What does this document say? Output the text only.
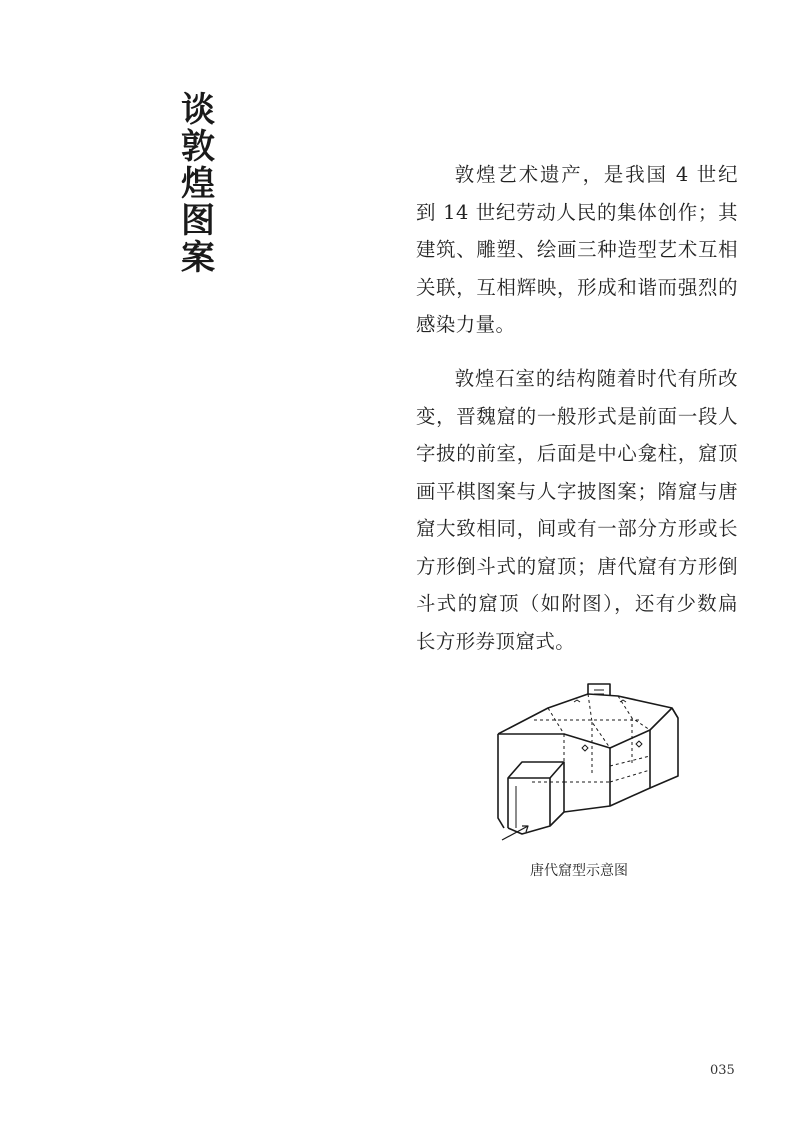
谈
敦
煌
图
案

敦煌艺术遗产，是我国 4 世纪到 14 世纪劳动人民的集体创作；其建筑、雕塑、绘画三种造型艺术互相关联，互相辉映，形成和谐而强烈的感染力量。

敦煌石室的结构随着时代有所改变，晋魏窟的一般形式是前面一段人字披的前室，后面是中心龛柱，窟顶画平棋图案与人字披图案；隋窟与唐窟大致相同，间或有一部分方形或长方形倒斗式的窟顶；唐代窟有方形倒斗式的窟顶（如附图），还有少数扁长方形券顶窟式。

唐代窟型示意图
035
